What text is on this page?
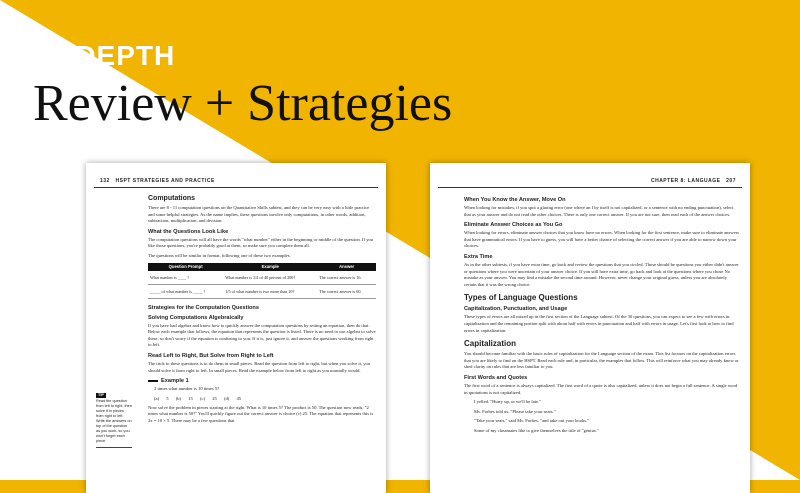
IN-DEPTH
Review + Strategies
132 HSPT STRATEGIES AND PRACTICE
TIP
Read the question from left to right, then solve it in pieces from right to left. Write the answers on top of the question as you work, so you won't forget each piece.
Computations

There are 8 - 11 computation questions on the Quantitative Skills subtest, and they can be very easy with a little practice and some helpful strategies. As the name implies, these questions involve only computations, in other words, addition, subtraction, multiplication, and division.

What the Questions Look Like

The computation questions will all have the words "what number" either in the beginning or middle of the question. If you like those questions, you're probably good at them, so make sure you complete them all.

The questions will be similar in format, following one of these two examples.

Question Prompt	Example	Answer
What number is ____ ?	What number is 1/4 of 40 percent of 200?	The correct answer is 16.
_____ of what number is _____?	1/5 of what number is two more than 10?	The correct answer is 60.
Strategies for the Computation Questions
Solving Computations Algebraically

If you have had algebra and know how to quickly answer the computation questions by setting an equation, then do that. Below each example that follows, the equation that represents the question is listed. There is no need to use algebra to solve these, so don't worry if the equation is confusing to you. If it is, just ignore it, and answer the questions working from right to left.

Read Left to Right, But Solve from Right to Left

The trick to these questions is to do them in small pieces. Read the question from left to right, but when you solve it, you should solve it from right to left. In small pieces. Read the example below from left to right as you normally would.

Example 1

2 times what number is 10 times 5?

(a) 5 (b) 15 (c) 25 (d) 45

Now solve the problem in pieces starting at the right. What is 10 times 5? The product is 50. The question now reads, "2 times what number is 50?" You'll quickly figure out the correct answer is choice (c) 25. The equation that represents this is 2x = 10 × 5. There may be a few questions that

CHAPTER 8: LANGUAGE 207
When You Know the Answer, Move On

When looking for mistakes, if you spot a glaring error (one where an I by itself is not capitalized, or a sentence with no ending punctuation), select that as your answer and do not read the other choices. There is only one correct answer. If you are not sure, then read each of the answer choices.

Eliminate Answer Choices as You Go

When looking for errors, eliminate answer choices that you know have no errors. When looking for the first sentence, make sure to eliminate answers that have grammatical errors. If you have to guess, you will have a better chance of selecting the correct answer if you are able to narrow down your choices.

Extra Time

As in the other subtests, if you have extra time, go back and review the questions that you circled. Those should be questions you either didn't answer or questions where you were uncertain of your answer choice. If you still have extra time, go back and look at the questions where you chose No mistake as your answer. You may find a mistake the second time around. However, never change your original guess, unless you are absolutely certain that it was the wrong choice.

Types of Language Questions
Capitalization, Punctuation, and Usage

These types of errors are all mixed up in the first section of the Language subtest. Of the 30 questions, you can expect to see a few with errors in capitalization and the remaining portion split with about half with errors in punctuation and half with errors in usage. Let's first look at how to find errors in capitalization.

Capitalization

You should become familiar with the basic rules of capitalization for the Language section of the exam. This list focuses on the capitalization errors that you are likely to find on the HSPT. Read each rule and, in particular, the examples that follow. This will reinforce what you may already know or shed clarity on rules that are less familiar to you.

First Words and Quotes

The first word of a sentence is always capitalized. The first word of a quote is also capitalized, unless it does not begin a full sentence. A single word in quotations is not capitalized.

I yelled, "Hurry up, or we'll be late."

Ms. Forbes told us, "Please take your seats."

"Take your seats," said Ms. Forbes, "and take out your books."

Some of my classmates like to give themselves the title of "genius."
